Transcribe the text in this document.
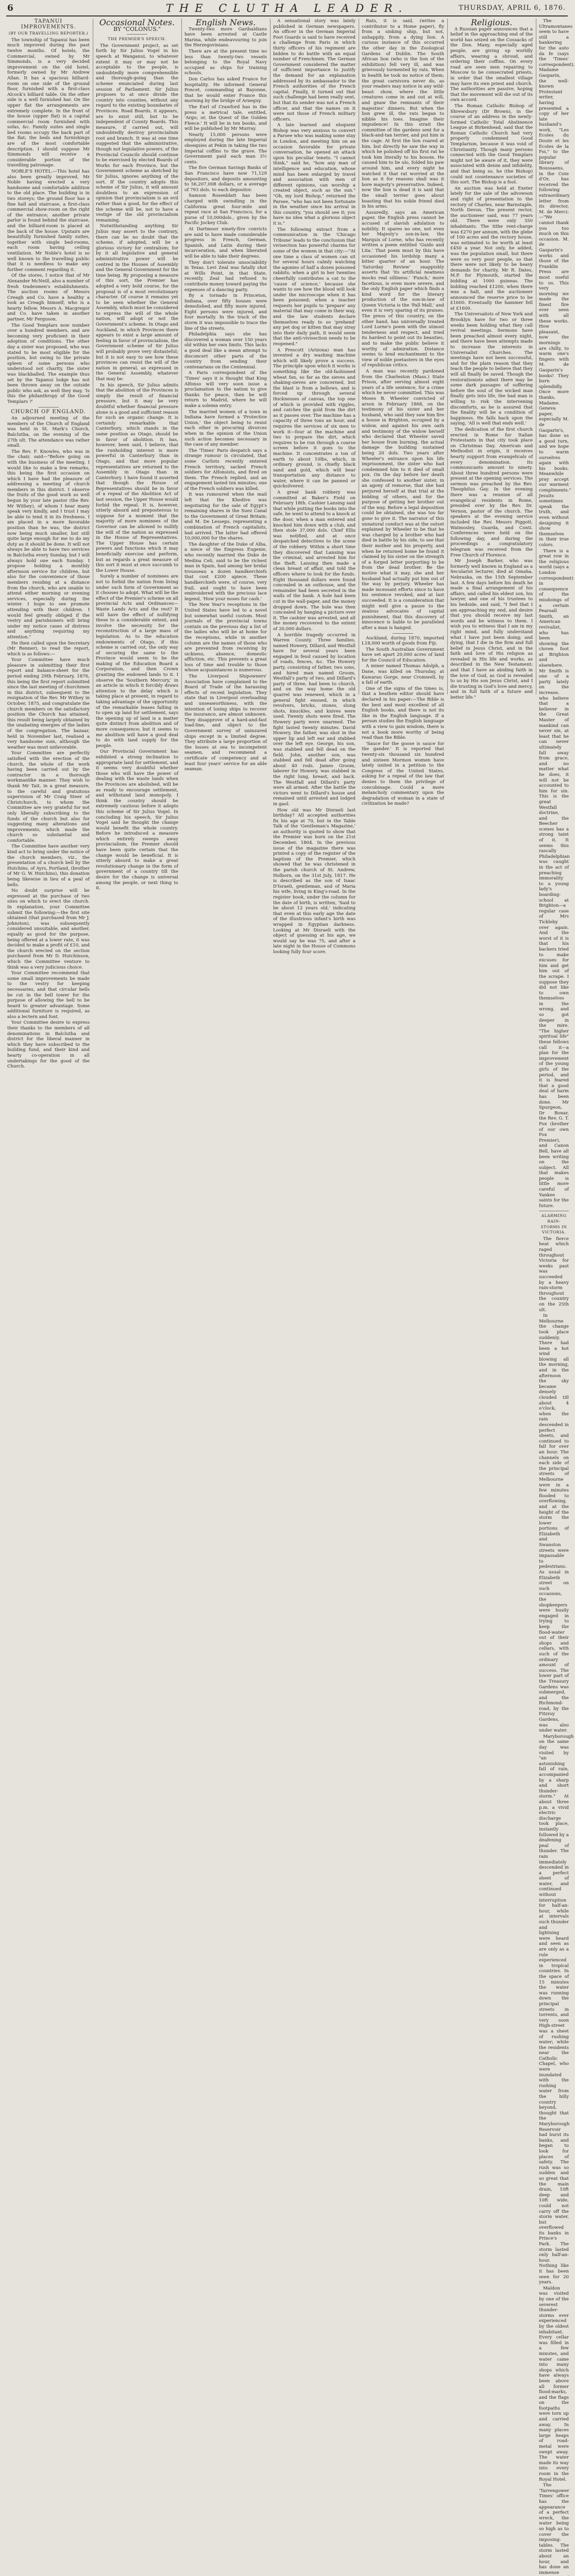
6	THE CLUTHA LEADER.	THURSDAY, APRIL 6, 1876.
TAPANUI IMPROVEMENTS.
(BY OUR TRAVELLING REPORTER.)

The township of Tapanui has been much improved during the past twelve months. Of hotels, the Commercial, owned by Mr Simmonds, is a very decided improvement on the old hotel, formerly owned by Mr Andrew Allan. It has a spacious billiard-room on one side of the ground floor, furnished with a first-class Alcock's billiard table. On the other side is a well furnished bar. On the upper flat the arrangements are extremely complete. In the front of the house (upper flat) is a capital commercial room furnished with sofas, &c. Family suites and single bed rooms occupy the back part of the flat; the beds and furnishings are of the most comfortable description. I should suppose Mr Simmonds will receive a considerable portion of the travelling patronage.

NOBLE'S HOTEL.—This hotel has also been greatly improved, Mr Noble having erected a very handsome and comfortable addition to the old place. The building is in two storeys; the ground floor has a fine hall and staircase, a first-class commercial show-room on the right of the entrance; another private parlor is found behind the staircase, and the billiard-room is placed at the back of the house. Upstairs are beautifully furnished family suites, together with single bed-rooms, each room having ceiling ventilation. Mr Noble's hotel is so well known to the travelling public that it is needless to make any further comment regarding it.

Of the stores, I notice that of Mr Alexander McNeill, also a number of fresh tradesmen's establishments. The auction rooms of Messrs Creagh and Co. have a healthy a look as Creagh himself, who is a hearty fellow. Messrs A. Macgregor and Co. have taken in another partner, Mr Ferguson.

The Good Templars now number over a hundred members, and are becoming very proficient in their adoption of conditions. The other day a sister was proposed, who was stated to be most eligible for the position, but owing to the private spleen of some persons who understood not charity, the sister was blackballed. The example thus set by the Tapanui lodge has not been thrown away on the outside public who ask, as well they may, 'Is this the philanthropy of the Good Templars ?'

CHURCH OF ENGLAND.

An adjourned meeting of the members of the Church of England was held in St. Mark's Church, Balclutha, on the evening of the 27th ult. The attendance was rather small.

The Rev. F. Knowles, who was in the chair, said—"Before going on with the business of the meeting, I would like to make a few remarks, this being the first occasion on which I have had the pleasure of addressing a meeting of church members in this district. I observe the fruits of the good work so well begun by your late pastor (the Rev. Mr Withey), of whom I hear many speak very kindly, and I trust I may be able to tend it in its freshness. I am placed in a more favorable position than he was, the district now being much smaller, but still quite large enough for me to do my duty as it should be done. It will not always be able to have two services in Balclutha every Sunday, but I will always hold one each Sunday. I propose holding a monthly afternoon service for children, but also for the convenience of those members residing at a distance from the church, who are unable to attend either morning or evening services, especially during the winter. I hope to see promote attending with their children. I would feel greatly obliged if the vestry and parishioners will bring under my notice cases of distress and anything requiring my attention."

He then called upon the Secretary (Mr Renner), to read the report, which is as follows:—

Your Committee have much pleasure in submitting their first report and balance-sheet for the period ending 29th February, 1876, this being the first report submitted since the last meeting of churchmen in this district, subsequent to the resignation of the Rev. Mr Withey in October, 1875, and congratulate the church members on the satisfactory position the Church has attained, this result being largely obtained by the unabating energies of the ladies of the congregation. The bazaar, held in November last, realised a very handsome sum, although the weather was most unfavorable.

Your Committee are perfectly satisfied with the erection of the church, the whole of the work having been carried out by the contractor in a thorough workmanlike manner. They wish to thank Mr Tait, in a great measure, to the careful and gratuitous supervision of Mr Craig Steer of Christchurch, to whom the Committee are very grateful for not only liberally subscribing to the funds of the church but also for suggesting many alterations and improvements, which made the church so substantial and comfortable.

The Committee have another very kind act to bring under the notice of the church members, viz., the presentation of a church bell by the Hutchins, of Ayrs, Portland, (brother of Mr G. W. Hutchins), this donation being likewise in lieu of a peal of bells.

No doubt surprise will be expressed at the purchase of two sites on which to erect the church. In explanation, your Committee submit the following:—the first site obtained (that purchased from Mr J. Johnston), was subsequently considered unsuitable, and another, equally as good for the purpose, being offered at a lower rate, it was decided to make a profit of £10, and the church erected on the section purchased from Mr D. Hutchinson, which the Committee venture to think was a very judicious choice.

Your Committee recommend that some small improvements be made to the vestry for keeping necessaries, and that circular bells be cut in the bell tower for the purpose of allowing the bell to be heard to greater advantage. Some additional furniture is required, as also a lectern and font.

Your Committee desire to express their thanks to the members of all denominations in Balclutha and district for the liberal manner in which they have subscribed to the building fund, and their kind and hearty co-operation in all undertakings for the good of the Church.

Occasional Notes.
BY "COLONUS."
THE PREMIER'S SPEECH.

The Government project, as set forth by Sir Julius Vogel in his speech at Wanganui, to whatever extent it may or may not be acceptable to the people, is undoubtedly more comprehensible and thorough-going than the scheme enunciated during last session of Parliament. Sir Julius proposes to at once divide the country into counties, without any regard to the existing boundaries of Provinces. Road Boards, it appears, are to exist still, but to be independent of County Boards. This measure, if carried out, will undoubtedly destroy provincialism root and branch. It was at one time suggested that the administrative, though not legislative powers, of the Provincial Councils should continue to be exercised by elected Boards of Works for each Province, but the Government scheme as sketched by Sir Julius, ignores anything of the sort. If the country adopts this scheme of Sir Julius, it will amount doubtless to an expression of opinion that provincialism is an evil rather than a good, for the effect of the scheme will be, not to have a vestige of the old provincialism remaining.

Notwithstanding anything Sir Julius may assert to the contrary, there can be no doubt that the scheme, if adopted, will be a glorious victory for centralism; for by it all legislative and general administrative power will be centred in the Houses of Assembly and the General Government for the time being. By proposing a measure of this sort, the Premier has adopted a very bold course, for the proposal is of a most revolutionary character. Of course it remains yet to be seen whether the General Assembly, which must be considered to express the will of the whole nation, will adopt or not the Government's scheme. In Otago and Auckland, in which Provinces there appears to exist a large amount of feeling in favor of provincialism, the Government scheme of Sir Julius will probably prove very distasteful; but it is not easy to see how these provinces can resist the will of the nation in general, as expressed in the General Assembly, whatever that may be.

In his speech, Sir Julius admits that the abolition of the Provinces is simply the result of financial pressure, but it may be very doubtful whether financial pressure alone is a good and sufficient reason for such an organic change. It is certainly remarkable that Canterbury, which stands in the same position as Otago, should be in favor of abolition. It has, however, been said, I believe, that the runholding interest is more powerful in Canterbury than in Otago, and that more popular representatives are returned to the Assembly in Otago than in Canterbury. I have found it asserted that though the House of Representatives should be in favor of a repeal of the Abolition Act of last session, the Upper House would forbid the repeal. It is, however, utterly absurd and preposterous to suppose for a moment that the majority of more nominees of the Governor can be allowed to nullify the will of the nation as expressed in the House of Representatives. The Upper House has certain powers and functions which it may beneficially exercise and perform, but as regards a great measure of this sort it must at once succumb to the Lower House.

Surely a number of nominees are not to forbid the nation from living under such form of Government as it chooses to adopt. What will be the effect of the Premier's scheme on all provincial Acts and Ordinances—Waste Lands Acts and the rest? It will have the effect of nullifying these to a considerable extent, and involve the necessity for the reconstruction of a large mass of legislation. As to the education endowments of Otago, if this scheme is carried out, the only way of securing the same to the Province would seem to be the making of the Education Board a Corporation, and then Crown granting the endowed lands to it. I observe the 'Southern Mercury,' in an article in which it forcibly draws attention to the delay which is taking place at present, in regard to taking advantage of the opportunity of the remarkable leases falling in to open up land for settlement, says the opening up of land is a matter quite distinct from abolition and of more consequence; but it seems to me abolition will have a good deal to do with land supply for the people.

Our Provincial Government has exhibited a strong inclination to appropriate land for settlement, and it seems very doubtful whether those who will have the power of dealing with the waste lands when the Provinces are abolished, will be as ready to encourage settlement, and withstand land monopoly. I think the country should be extremely cautious before it adopts this scheme of Sir Julius Vogel. In concluding his speech, Sir Julius Vogel said he thought the change would benefit the whole country. Before he introduced a measure which entirely sweeps away provincialism, the Premier should have been quite certain that the change would be beneficial. It is utterly absurd to make a great revolutionary change in the form of government of a country till the desire for the change is universal among the people, or next thing to it.

English News.

Twenty-two more Garibaldians have been arrested at Castle Marina, while endeavouring to join the Herzegovinians.

There are at the present time no less than twenty-two vessels belonging to the Royal Navy occupied as ships for training schools.

Don Carlos has asked France for hospitality. He informed General Poncet, commanding at Bayonne, that he would enter France this morning by the bridge of Arneguy.

The Earl of Crawford has in the press a metrical tale, entitled, 'Argo; or, the Quest of the Golden Fleece.' It will be in ten books, and will be published by Mr Murray.

Nearly 15,000 persons were employed during the late Imperial obsequies at Pekin in taking the two Imperial coffins to the grave. The Government paid each man 3½ cents.

The five German Savings Banks of San Francisco have now 71,129 depositors, and deposits amounting to 56,207,008 dollars, or a average of 793 dols. to each depositor.

Samson Rosenblatt has been charged with swindling in the California great four-mile and repeat race at San Francisco, for a purse of 10,000dols., given by the Pacific Jockey Club.

At Dartmoor ninety-five convicts are said to have made considerable progress in French, German, Spanish, and Latin during their incarceration, and when liberated will be able to take their degrees.

They don't tolerate unsociability in Texas. Levi Zeal was fatally shot at Wills Point, in that State, recently. Zeal had refused to contribute money toward paying the expenses of a dancing party.

By a tornado in Princeton, Indiana, over fifty houses were demolished, and fifty more injured. Eight persons were injured, and four mortally. In the track of the storm it was impossible to trace the line of the streets.

Philadelphia says she has discovered a woman over 150 years old within her own limits. This lacks a good deal like a mean attempt to disconcert other parts of the country from sending their centenarians on the Centennial.

A Paris correspondent of the 'Times' says it is thought that King Alfonso will very soon issue a proclamation to the nation to give thanks for peace, then he will return to Madrid, where he will make a solemn entry.

The married women of a town in Indiana have formed a 'Protective Union,' the object being to resist each other in procuring divorces when in the opinion of the Union such action becomes necessary in the case of any member.

The 'Times' Paris despatch says a strange rumour is circulated, that some Carlists recently entered French territory, sacked French soldiers for Alfonsists, and fired on them. The French replied, and an engagement lasted ten minutes; one of the French soldiers was killed.

It was rumoured when the mail left that the Khedive was negotiating for the sale of Egypt's remaining shares in the Suez Canal to the Government of Great Britain; and M. De Lesseps, representing a combination of French capitalists, had arrived. The latter had offered 10,000,000 for the shares.

The daughter of the Duke of Alba, a niece of the Empress Eugenie, who recently married the Duke de Medina Celi, said to be the richest man in Spain, had among her bridal trousseau a dozen handkerchiefs that cost £200 apiece. These handkerchiefs were, of course, very frail, and ought to have been embroidered with the precious lace legend, 'How your noses for cash.'

The New Year's receptions in the United States have led to a novel but somewhat useful custom. Most journals of the provincial towns contain on the previous day a list of the ladies who will be at home for the receptions, while in another column are the names of those who are prevented from receiving by sickness, absence, domestic affliction, etc. This prevents a great loss of time and trouble to those whose acquaintances is numerous.

The Liverpool Shipowners' Association have complained to the Board of Trade of the harassing effects of recent legislation. They state that in Liverpool overloading and unseaworthiness, with the intention of losing ships to recover the insurance, are almost unknown. They disapprove of a hard-and-fast load-line, and object to the Government survey of uninsured ships except in a limited degree. They attribute a large proportion of the losses at sea to incompetent seamen, and recommend a certificate of competency and at least four years' service for an able seaman.

A sensational story was lately published in German newspapers. An officer in the German Imperial Foot Guards is said to have received a challenge from Paris in which thirty officers of his regiment are bidden to do battle with an equal number of Frenchmen. The German Government considered the matter of sufficient importance to justify the demand for an explanation addressed by its ambassador to the French authorities of the French capital. Finally, it turned out that such challenge had been really sent, but that its sender was not a French officer, and that the names on it were not those of French military officers.

A late learned and eloquent Bishop was very anxious to convert a Parsee who was making some stay in London, and meeting him on an occasion favorable for private conversation, he opened an attack upon his peculiar tenets. "I cannot think," said he, "how any man of intelligence and education, whose mind has been enlarged by travel and association with men of different opinions, can worship a created object, such as the sun." "Oh, my lord Bishop," returned the Parsee, "who has not been fortunate in the weather since his arrival in this country, "you should see it; you have no idea what a glorious object it is."

The following extract from a communication in the 'Chicago Tribune' leads to the conclusion that vivisection has powerful charms for some of the women in that city:—"At one time a class of women can sit for several hours calmly watching the agonies of half a dozen poisoned rabbits; when a girl in her twenties cheerfully contributes a cat to the 'cause of science,' because she wants to see how the blood will look under the microscope when it has been poisoned; when a teacher requests her pupils to 'prepare' any material that may come in their way, and the law students declare themselves ready to so 'prehend' any pet dog or kitten that may stray into their daily path, it would seem that the anti-vivisection needs to be reopened."

A Prescott (Arizona) man has invented a dry washing machine which will likely prove a success. The principle upon which it works is something like the old-fashioned wheat fan, so far as the sieves and shaking-sieves are concerned, but the blast is from a bellows, and is forced up through several thicknesses of canvas, the top one of which is provided with riggles, and catches the gold from the dirt as it passes over. The machine has a capacity of three tons an hour, and requires the services of six men to work it—four at the machine and two to prepare the dirt, which requires to be run through a coarse screen before it goes to the machine. It concentrates a ton of earth to about 10lbs, which, in ordinary ground, is chiefly black sand and gold, which will bear transportation any distance to water, where it can be panned or quicksilvered.

A great bank robbery was committed at Baker's Field on February 18th. Cashier Lansing said that while putting the books into the safe, he went to attend to a knock at the door, when a man entered and knocked him down with a club, and then stole 37,000 dols. Chief Ellis was notified, and at once despatched detectives to the scene of the robbery. Within a short time they discovered that Lansing was the criminal, and arrested him for the theft. Lansing then made a clean breast of affair, and told the officers where to look for the funds. Eight thousand dollars were found concealed in an outhouse, and the remainder had been secreted in the walls of the bank. A hole had been cut in the wall-paper, and the money dropped down. The hole was then concealed by hanging a picture over it. The cashier was arrested, and all the money recovered to the extent of 20,000 dollars.

A horrible tragedy occurred in Warren County. Three families, named Howery, Dillard, and Westfall have for several years been engaged in feud caused by location of roads, fences, &c. The Howery party, consisting of father, two sons, and hired man named Groom, Westfall's party of two, and Dillard's party of three, had been to church, and on the way home the old quarrel was renewed, which in a general fight ensued, in which revolvers, bricks, stones, slung shots, knuckles, and knives were used. Twenty shots were fired. The Howery party were unarmed. The fight lasted twenty minutes. David Howery, the father, was shot in the upper lip and left ear and stabbed over the left eye. George, his son, was stabbed and fell dead on the field. John, another son, was stabbed and fell dead after going about 40 rods. James Groom, laborer for Howery, was stabbed in the right lung, breast, and back. The Westfall and Dillard's party were all armed. After the battle the victors went to Dillard's house and remained until arrested and lodged in gaol.

How old was Mr Disraeli last birthday? All accepted authorities fix his age at 70, but in the Table Talk of the 'Gentleman's Magazine,' an authority is quoted to show that the Premier was born on the 21st December, 1804. In the previous issue of the magazine there was printed a copy of the register of the baptism of the Premier, which showed that he was christened in the parish church of St. Andrew, Holborn, on the 31st July, 1817. He is described as the son of Isaac D'Israeli, gentleman, and of Maria his wife, living in King's-road. In the register book, under the column for the date of birth, is written, 'Said to be about 12 years old,' indicating that even at this early age the date of the illustrious infant's birth was wrapped in Egyptian darkness. Looking at Mr Disraeli with the object of guessing at his age, we would say he was 75, and after a late night in the House of Commons looking fully four score.

Rats, it is said, (writes a contributor to a Home paper), fly from a sinking ship, but not, unhappily, from a dying lion. A curious instance of this occurred the other day in the Zoological Gardens of Dublin. The South African lion (who is the lion of the exhibition) fell very ill, and was grievously tormented by rats. When in health he took no notice of them; the great carnivora never do, as your readers may notice in any wild-beast show, where the little creatures come in and out at will, and gnaw the remnants of their majesties' dinners. But when the lion grew ill, the rats began to nibble his toes. Imagine their impudence! In this strait the committee of the gardens sent for a black-and-tan terrier, and put him in the cage. At first the lion roared at him, but directly he saw the way in which he polished off his first rat he took him literally to his bosom. He caused him to lie ulo, folded his paw around him, and every night he watched it that rat worried at the lion as it for reasons shall was it bore majesty's preservative. Indeed, now the lion is dead it is said that the small terrier goes about boasting that his noble friend died in his arms.

Assuredly, says an American paper, the English press cannot be accused of slavish adulation to nobility. It spares no one, not even her Majesty's son-in-law, the Marquis of Lorne, who has recently written a poem entitled 'Guido and Lita.' That poem must by this have occasioned his lordship many a bitter quarter of an hour. The 'Saturday Review' snappishly asserts that 'its artificial neatness mocks real silliness.' 'Punch,' more facetious, is even more severe, and the only English paper which finds a kind word for the literary production of the son-in-law of Queen Victoria is the 'Pall Mall,' and even it is very sparing of its praises. The press of this country, on the other hand, has universally treated Lord Lorne's poem with the utmost tenderness and respect, and tried its hardest to point out its beauties, and to make the public believe it worthy of admiration. Distance seems to lend enchantment to the view of noble poetasters in the eyes of republican critics.

A man was recently pardoned from the Charleston (Mass.) State Prison, after serving almost eight years of a life sentence, for a crime which he never committed. This was Moses B. Wheeler convicted of arson in February 1868, on the testimony of his sister and her husband, who said they saw him fire a house in Brighton, occupied by a widow, and against his own oath and testimony of the widow herself who declared that Wheeler saved her house from burning, the actual damage the building sustained being 20 dols. Two years after Wheeler's entrance upon his life imprisonment, the sister who had condemned him to it died of small pox. On the day before her death she confessed to another sister, in an agony of remorse, that she had perjured herself at that trial at the bidding of others, and for the purpose of getting her brother out of the way. Before a legal deposition could be obtained, she was too far gone to give it. The narrator of this unnatural conduct was at the outset explained by Wheeler to be that he was charged by a brother who had died in battle by his side, to see that their mother and his property, and when he returned home he found it claimed by his sister on the strength of a forged letter purporting to be from the dead brother. Be the motive what it may, she and her husband had actually put him out of the way by perjury. Wheeler has made incessant efforts since to have his sentence revoked, and at last succeeded. It is a consideration that might well give a pause to the zealous advocates of capital punishment, that this discovery of innocence is liable to be paralleled after a man is hanged.

Auckland, during 1870, imported L18,000 worth of goods from Fiji.

The South Australian Government have set apart 20,000 acres of land for the Council of Education.

A miner named Thomas Adolph, a Dane, was killed on Thursday, at Kawarau Gorge, near Cromwell, by a fall of earth.

One of the signs of the times is, that a heathen editor should have declared in his paper:—The Bible is the best and most excellent of all English books, and there is not its like in the English language. If a person studies the English language with a view to gain wisdom, there is not a book more worthy of being read than the Bible.

'Sauce for the goose is sauce for the gander.' It is reported that twenty-six thousand six hundred and sixteen Mormon women have lately united in a petition to the Congress of the United States, asking for a repeal of the law that denies to them the privilege of concubinage. Could a more melancholy commentary upon the degradation of woman in a state of civilization be made?

Religious.

A Russian paper announces that a belief in the approaching end of the world has seized on the Cossacks of the Don. Many, especially aged people, are giving up worldly affairs, wearing a shroud, and ordering their coffins. On every road are seen men repairing to Moscow to be consecrated priests, in order that the smallest village may have its own priest and church. The authorities are passive, hoping that the movement will die out of its own accord.

The Roman Catholic Bishop of Shrewsbury (Dr Brown), in the course of an address in the newly-formed Catholic Total Abstinence League at Birkenhead, said that the Roman Catholic Church had very properly condemned Good Templarism, because it was void of Christianity. Though many persons connected with the Good Templars might not be aware of it, they were associated with deism and infidelity, and that being so, he (the Bishop) could not countenance societies of this sort. The Bishop is a fool.

An auction was held at Exeter lately for the sale of the advowson and right of presentation to the rectory of Charles, near Barnstaple, North Devon. The present rector, the auctioneer said, was 77 years old. There were only 350 inhabitants. The tithe rent-charge was £270 per annum, with the glebe of 100 acres and the rectory house, was estimated to be worth at least £450 a year. Not only, he added, was the population small, but there were so very poor people, so that there were not likely to be heavy demands for charity. Mr R. Dates, M.P. for Plymouth, started the bidding at 1000 guineas. The bidding reached £1200, when there was a halt, and the auctioneer announced the reserve price to be £1600. Eventually the hammer fell at £1600.

The Universalists of New York and Brooklyn have for two or three weeks been holding what they call revival meetings. Sermons have been preached almost every night, and there have been attempts made to increase the interests in Universalist Churches. The meetings have not been successful, and for the plain reason that they teach the people to believe that they will all finally be saved. Though the restorationists admit there may be some dark passages of suffering before the soul of the wicked man finally gets into life, the bad man is willing to risk the intervening discomforts, as he is assured that the finality will be a condition of happiness. He falls back upon the saying, 'All is well that ends well.'

The dedication of the first church erected in Rome for Italian Protestants in that city took place on Christmas Day. American and Methodist in origin, it receives hearty support from evangelicals of every denomination. Its communicants amount to ninety. About three hundred persons were present at the opening services. The sermon was preached by the Rev. Theophilus Gay. In the evening there was a reunion of all evangelical residents in Rome, presided over by the Rev. Dr. Vernon, pastor of the church. The speakers at the evening service included the Rev. Messrs Piggott, Watmosley, Guarda, and Conti. Conferences were held on the following day, and during the proceedings a congratulatory telegram was received from the Free Church of Florence.

Mr Joseph Barker, who was formerly well known in England as a Secularist lecturer, died at Omaha, Nebraska, on the 15th September last. A few days before his death he made a final arrangement of his affairs, and called his eldest son, his lawyer, and one of his trustees to his bedside, and said, "I feel that I am approaching my end, and desire that you should receive my last words and be witness to them. I wish you to witness that I am in my right mind, and fully understand what I have just been doing; and dying, that I die in the firm and full belief in Jesus Christ, and in the faith and love of His religion as revealed in His life and works, as described in the New Testament; and that I have an abiding faith in the love of God, as God is revealed to us by His son Jesus Christ, and I die trusting in God's love and mercy, and in full faith of a future and better life."

The Ultramontanes seem to have still a hankering for the auto da fe (says the 'Times' correspondent). Madame Gasparin, the well-known Protestant writer, having presented a copy of her late husband's work, "Les Ecoles du Doute et les Ecoles de la Foi," to the popular library of Boussaens, in the Cote d'Or, has received the following extraordinary letter from its director, M. de Merci:—"We cannot thank you too much on this occasion. M. de Gasparin's works and those of the Franklin Press are most useful to us. This very morning we made the finest fire ever seen with all these works. How pleasant, now the mornings are chilly, to warm one's fingers with M. de Gasparin's books! They burn splendidly. Once more thanks, Madame. Geneva paper, especially M. de Gasparin's, has done us a good turn, and we hope to warm ourselves again with his books. Meanwhile pray accept our warmest compliments." Jesuits sometimes speak the truth, and even without designing it show themselves in their true colors.

There is a great row in the religious world (says a London correspondent) in consequence of the misdoings of a certain Pearsall Smith, an American revivalist, who has been showing the cloven foot at Brighton and elsewhere. Mr Smith is one of a party lately on the increase, who believe that a believer in the Great Master of mankind can never sin, at least that he can never ultimately fall away from grace, and no matter what he does, it will not be accounted to him for sin. This is the great Westfall doctrine, and the Beecher scenes has a strong taint of it. It seems this rascally Philadelphian was caught in the act of preaching immorality to a young lady's boarding-school at Brighton—a regular case of Mrs Tickleby over again. And the worst of it is that his backers tried to make excuses for him and get him out of the scrape. I suppose they did not like to own themselves in the wrong, and so got deeper in the mire. "The higher spiritual life" these fellows call it—a plan for the improvement of the young girls of the period, and it is feared that a good deal of harm has been done. Mr Spurgeon, Dr Bonar, the Rev. G. T. Fox (brother of our own Fox Premier), and Canon Bell, have all been writing on the subject. All that makes people is little more careful of Yankee saints for the future.

ALARMING RAIN-STORMS IN VICTORIA.

The fierce heat which raged throughout Victoria for weeks past was succeeded by a heavy rain-storm throughout the country on the 25th ult.

In Melbourne the change took place suddenly. There had been a hot wind blowing all the morning, and in the afternoon the sky became densely clouded till about 4 o'clock, when the rain descended in perfect sheets, and continued to fall for over an hour. The channels on each side of the principal streets of Melbourne were in a few minutes flooded to overflowing, and at the height of the storm the lower portions of Elizabeth and Swanston streets were impassable to pedestrians. As usual in Elizabeth street on such occasions, the shopkeepers were busily engaged in trying to keep the flood-water out of their shops and cellars, with such of the ordinary amount of success. The lower part of the Treasury Gardens was submerged, and the Richmond-road, by the Fitzroy Gardens, was also under water.

Maryborough on the same day was visited by "an astonishing fall of rain, accompanied by a sharp and short thunder-storm." At about three p.m. a vivid electric discharge took place, instantly followed by a deafening peal of thunder. The rain immediately descended in a perfect sheet of water, and continued without interruption for half-an-hour, while at intervals such thunder and lightning were heard and seen as are only as a rule experienced in tropical countries. In the space of 15 minutes the water was running down the principal streets in torrents, and very soon High-street was a sheet of rushing water; while the residents near the Catholic Chapel, who were inundated with the rushing water from the hilly country beyond, thought that the Maryborough Reservoir had burst its banks, and began to look for places of safety. The rush was so sudden and so great that the main drain, 10ft deep and 10ft wide, could not carry off the storm water, but overflowed its banks in Prince's Park. The storm lasted only half-an-hour. Nothing like it has been seen for 20 years.

Maldon was visited by one of the severest thunder-storms ever experienced by the oldest inhabitant. Every cellar was filled in a few minutes, and water came into many shops which have always been above all former flood-marks, and the flags on the footpaths were torn up and carried away. In many places large heaps of road-metal were swept away. The water made its way into every room in the Royal Hotel.

The 'Tarrengower Times' office has the appearance of a perfect wreck, the water being so high as to cover the imposing-tables. The storm lasted about an hour, and has done an immense
